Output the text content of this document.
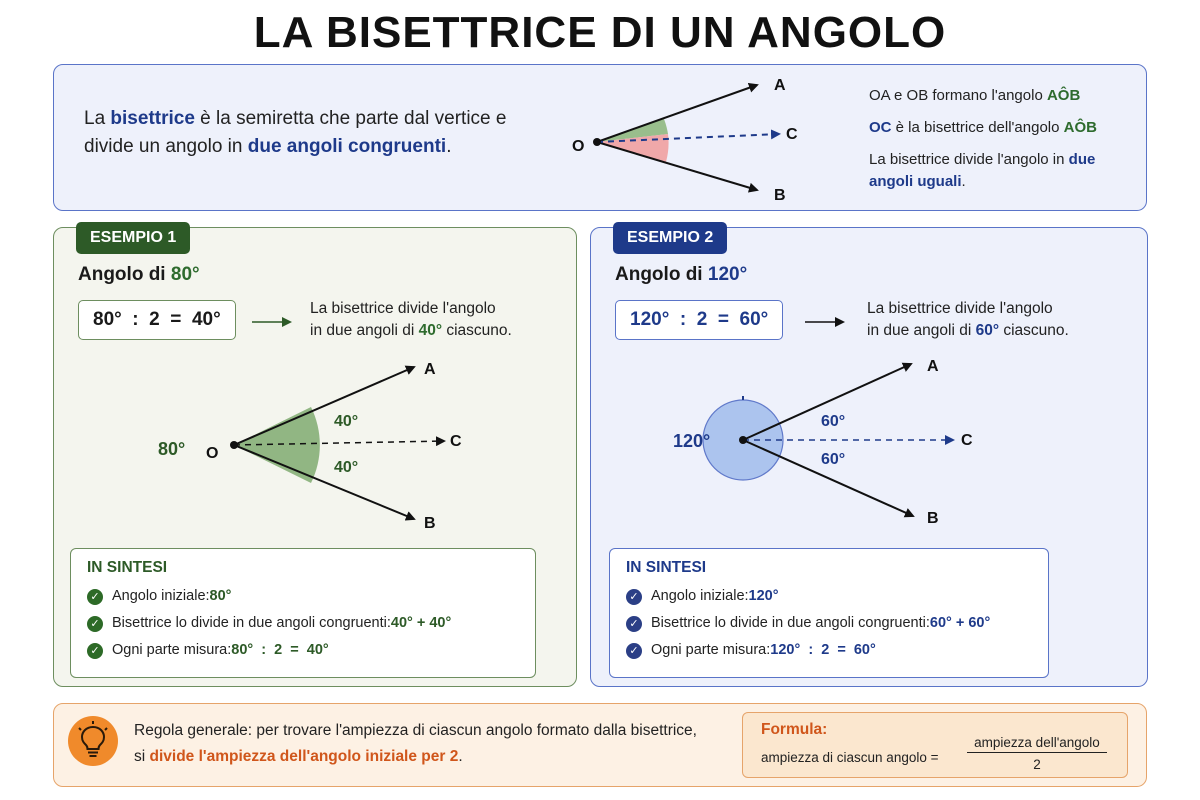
LA BISETTRICE DI UN ANGOLO
La bisettrice è la semiretta che parte dal vertice e divide un angolo in due angoli congruenti.	O
A
C
B

OA e OB formano l'angolo AÔB

OC è la bisettrice dell'angolo AÔB

La bisettrice divide l'angolo in due angoli uguali.

ESEMPIO 1
Angolo di 80°
80°  :  2  =  40°
80° O
A
C
B
40°
40°
La bisettrice divide l'angolo
in due angoli di 40° ciascuno.
IN SINTESI
✓ Angolo iniziale: 80°
✓ Bisettrice lo divide in due angoli congruenti: 40° + 40°
✓ Ogni parte misura: 80°  :  2  =  40°
ESEMPIO 2
Angolo di 120°
120°  :  2  =  60°
120°
A
C
B
60°
60°
La bisettrice divide l'angolo
in due angoli di 60° ciascuno.
IN SINTESI
✓ Angolo iniziale: 120°
✓ Bisettrice lo divide in due angoli congruenti: 60° + 60°
✓ Ogni parte misura: 120°  :  2  =  60°
Regola generale: per trovare l'ampiezza di ciascun angolo formato dalla bisettrice,
si divide l'ampiezza dell'angolo iniziale per 2.
Formula:
ampiezza di ciascun angolo =
ampiezza dell'angolo
2
